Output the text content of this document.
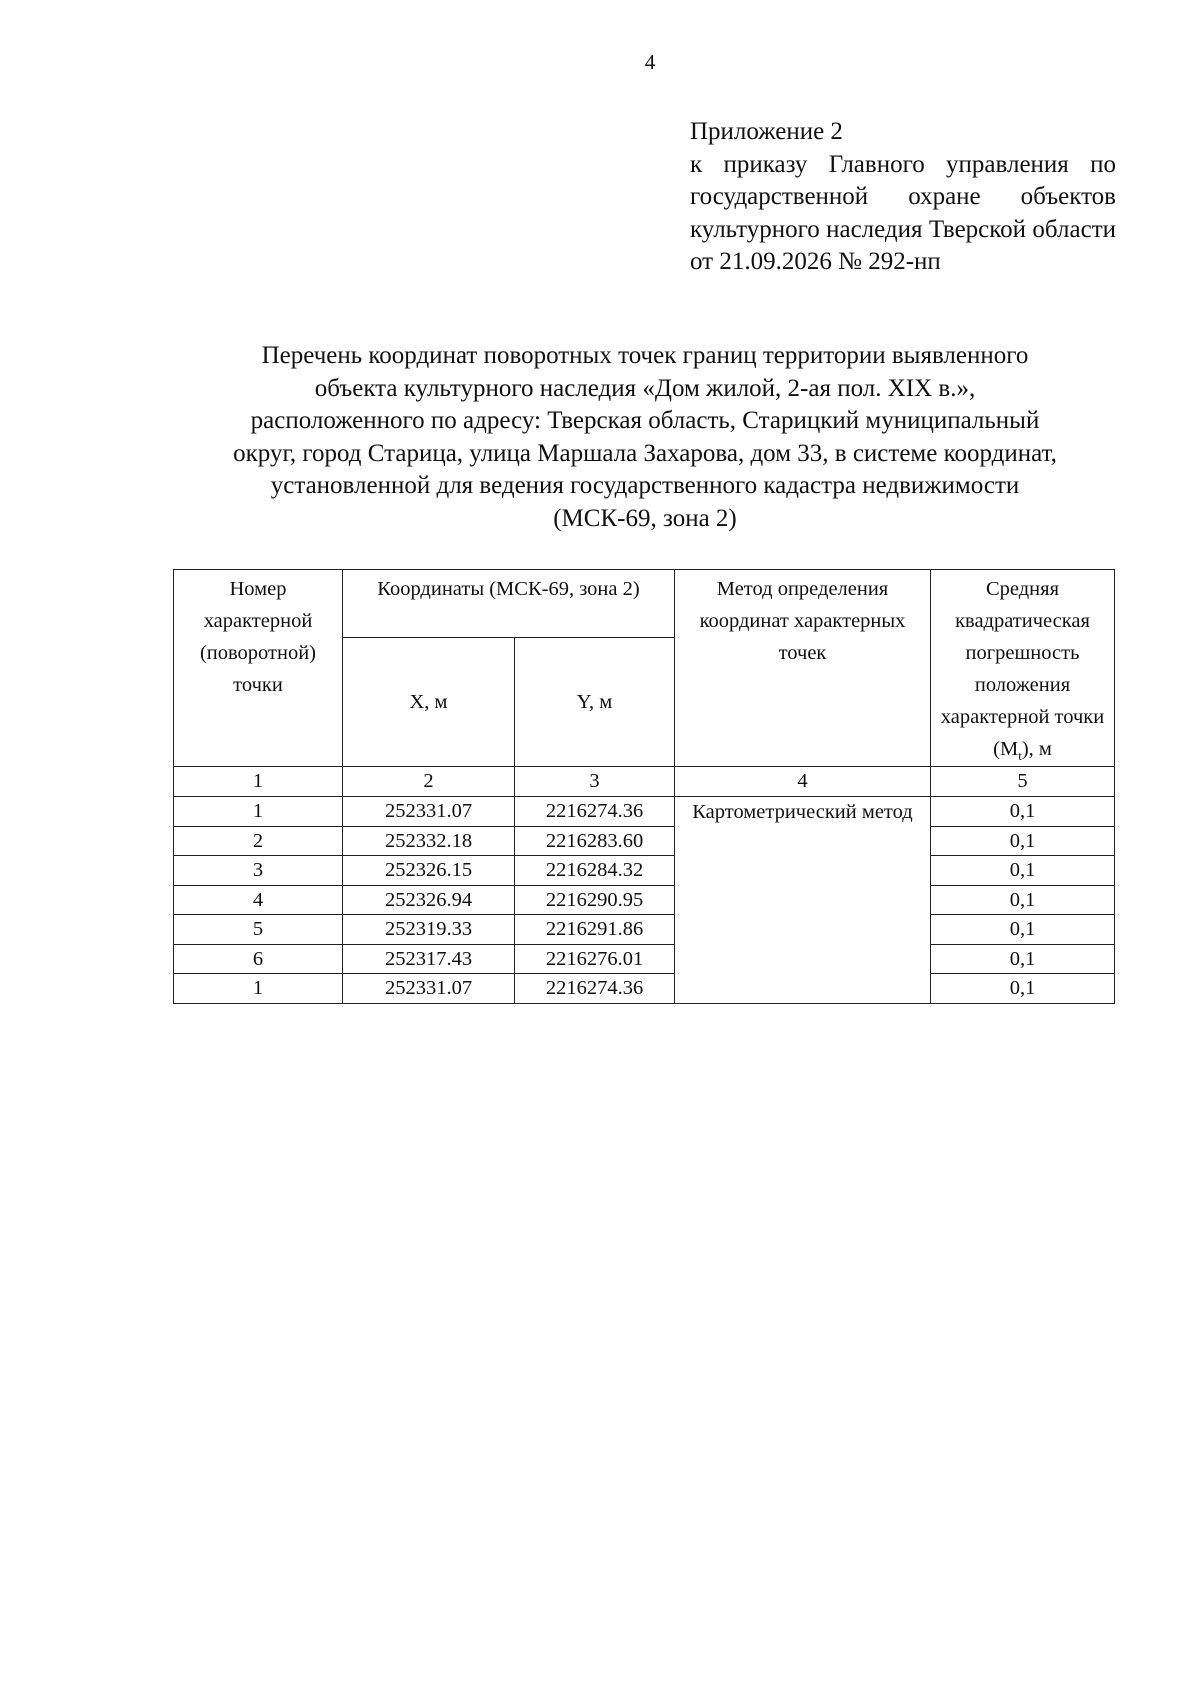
4
Приложение 2
к приказу Главного управления по государственной охране объектов культурного наследия Тверской области от 21.09.2026 № 292-нп
Перечень координат поворотных точек границ территории выявленного
объекта культурного наследия «Дом жилой, 2-ая пол. XIX в.»,
расположенного по адресу: Тверская область, Старицкий муниципальный
округ, город Старица, улица Маршала Захарова, дом 33, в системе координат,
установленной для ведения государственного кадастра недвижимости
(МСК-69, зона 2)
Номер характерной (поворотной) точки	Координаты (МСК-69, зона 2)		Метод определения координат характерных точек	Средняя квадратическая погрешность положения характерной точки $(М_t)$, м
	Х, м	Y, м		
1	2	3	4	5
1	252331.07	2216274.36	Картометрический метод	0,1
2	252332.18	2216283.60		0,1
3	252326.15	2216284.32		0,1
4	252326.94	2216290.95		0,1
5	252319.33	2216291.86		0,1
6	252317.43	2216276.01		0,1
1	252331.07	2216274.36		0,1
